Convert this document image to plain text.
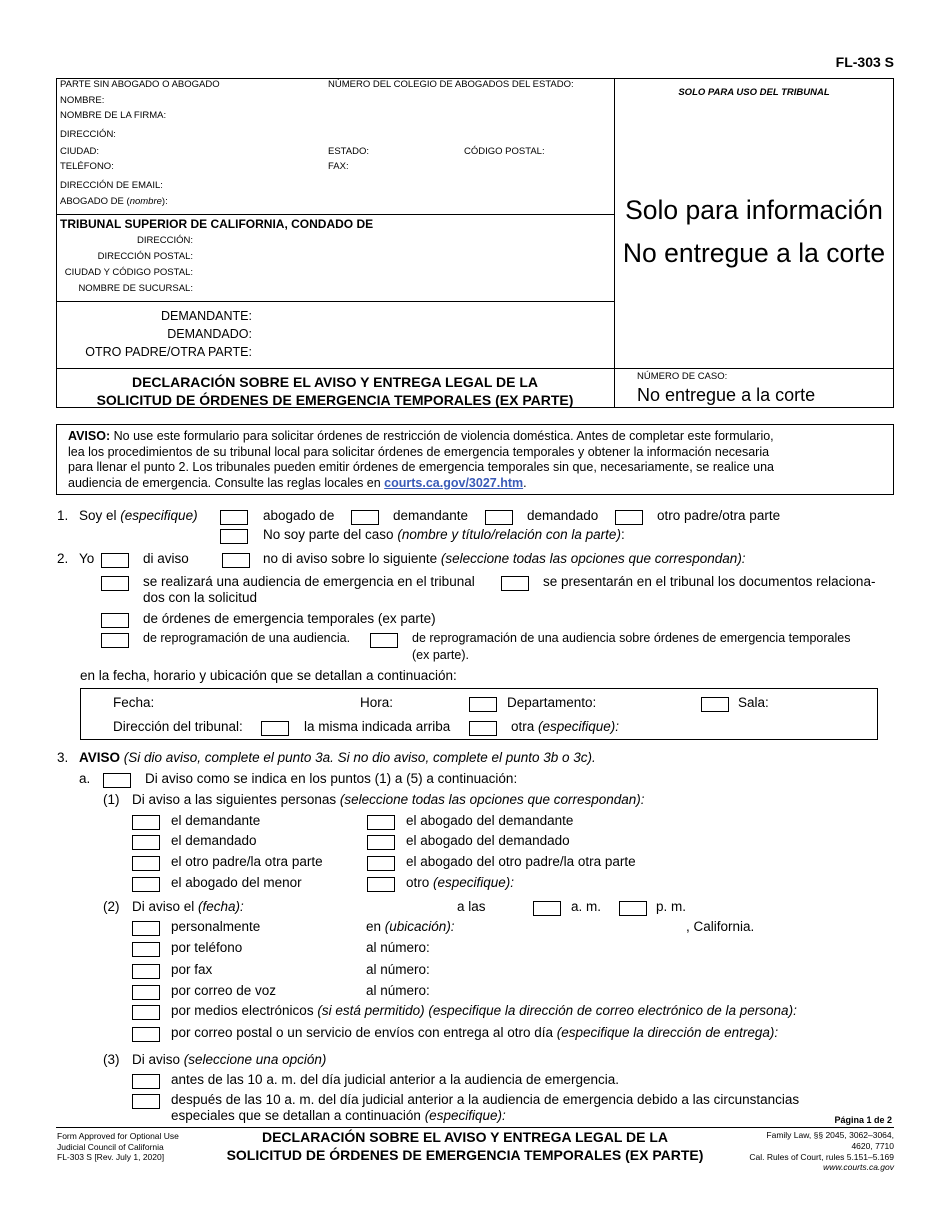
FL-303 S
PARTE SIN ABOGADO O ABOGADO	NÚMERO DEL COLEGIO DE ABOGADOS DEL ESTADO:
NOMBRE:
NOMBRE DE LA FIRMA:
DIRECCIÓN:
CIUDAD:	ESTADO:	CÓDIGO POSTAL:
TELÉFONO:	FAX:
DIRECCIÓN DE EMAIL:
ABOGADO DE (nombre):
SOLO PARA USO DEL TRIBUNAL
Solo para información
No entregue a la corte
TRIBUNAL SUPERIOR DE CALIFORNIA, CONDADO DE
DIRECCIÓN:
DIRECCIÓN POSTAL:
CIUDAD Y CÓDIGO POSTAL:
NOMBRE DE SUCURSAL:
DEMANDANTE:
DEMANDADO:
OTRO PADRE/OTRA PARTE:
DECLARACIÓN SOBRE EL AVISO Y ENTREGA LEGAL DE LA
SOLICITUD DE ÓRDENES DE EMERGENCIA TEMPORALES (EX PARTE)
NÚMERO DE CASO:
No entregue a la corte
AVISO: No use este formulario para solicitar órdenes de restricción de violencia doméstica. Antes de completar este formulario,
lea los procedimientos de su tribunal local para solicitar órdenes de emergencia temporales y obtener la información necesaria
para llenar el punto 2. Los tribunales pueden emitir órdenes de emergencia temporales sin que, necesariamente, se realice una
audiencia de emergencia. Consulte las reglas locales en courts.ca.gov/3027.htm.
1. Soy el (especifique)	abogado de	demandante	demandado	otro padre/otra parte
No soy parte del caso (nombre y título/relación con la parte):
2. Yo	di aviso	no di aviso sobre lo siguiente (seleccione todas las opciones que correspondan):
se realizará una audiencia de emergencia en el tribunal	se presentarán en el tribunal los documentos relaciona-
dos con la solicitud
de órdenes de emergencia temporales (ex parte)
de reprogramación de una audiencia.	de reprogramación de una audiencia sobre órdenes de emergencia temporales
(ex parte).
en la fecha, horario y ubicación que se detallan a continuación:
Fecha:	Hora:	Departamento:	Sala:
Dirección del tribunal:	la misma indicada arriba	otra (especifique):
3. AVISO (Si dio aviso, complete el punto 3a. Si no dio aviso, complete el punto 3b o 3c).
a.	Di aviso como se indica en los puntos (1) a (5) a continuación:
(1) Di aviso a las siguientes personas (seleccione todas las opciones que correspondan):
el demandante	el abogado del demandante
el demandado	el abogado del demandado
el otro padre/la otra parte	el abogado del otro padre/la otra parte
el abogado del menor	otro (especifique):
(2) Di aviso el (fecha):	a las	a. m.	p. m.
personalmente	en (ubicación):	, California.
por teléfono	al número:
por fax	al número:
por correo de voz	al número:
por medios electrónicos (si está permitido) (especifique la dirección de correo electrónico de la persona):
por correo postal o un servicio de envíos con entrega al otro día (especifique la dirección de entrega):
(3) Di aviso (seleccione una opción)
antes de las 10 a. m. del día judicial anterior a la audiencia de emergencia.
después de las 10 a. m. del día judicial anterior a la audiencia de emergencia debido a las circunstancias
especiales que se detallan a continuación (especifique):	Página 1 de 2
Form Approved for Optional Use
Judicial Council of California
FL-303 S [Rev. July 1, 2020]
DECLARACIÓN SOBRE EL AVISO Y ENTREGA LEGAL DE LA
SOLICITUD DE ÓRDENES DE EMERGENCIA TEMPORALES (EX PARTE)
Family Law, §§ 2045, 3062–3064,
4620, 7710
Cal. Rules of Court, rules 5.151–5.169
www.courts.ca.gov
